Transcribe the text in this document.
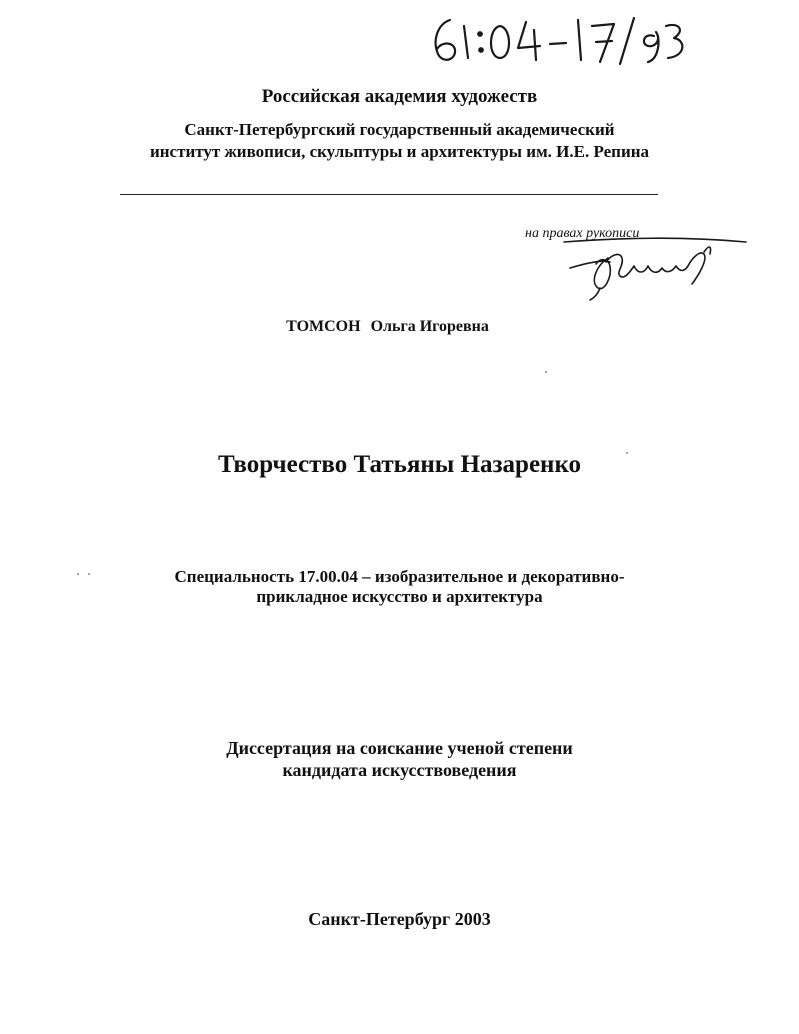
Российская академия художеств
Санкт-Петербургский государственный академический
институт живописи, скульптуры и архитектуры им. И.Е. Репина
на правах рукописи
ТОМСОН Ольга Игоревна
Творчество Татьяны Назаренко
Специальность 17.00.04 – изобразительное и декоративно-
прикладное искусство и архитектура
Диссертация на соискание ученой степени
кандидата искусствоведения
Санкт-Петербург 2003
